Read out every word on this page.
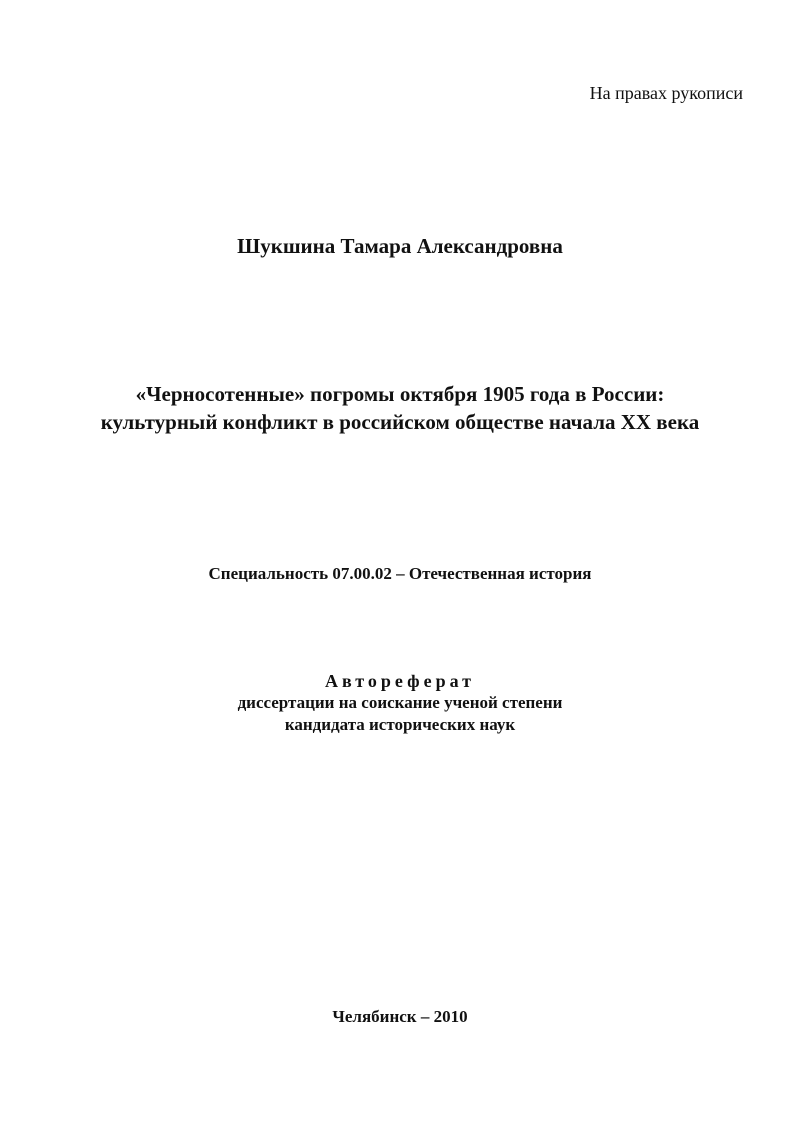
На правах рукописи
Шукшина Тамара Александровна
«Черносотенные» погромы октября 1905 года в России:
культурный конфликт в российском обществе начала XX века
Специальность 07.00.02 – Отечественная история
Автореферат
диссертации на соискание ученой степени
кандидата исторических наук
Челябинск – 2010
